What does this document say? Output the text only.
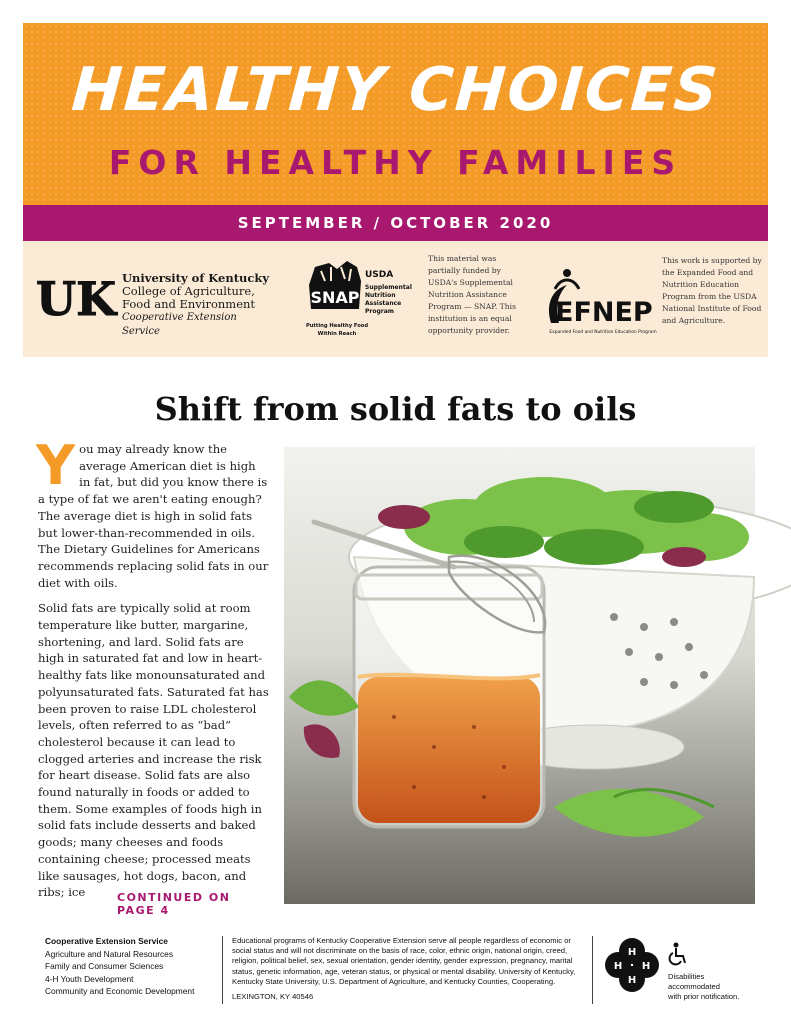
HEALTHY CHOICES
FOR HEALTHY FAMILIES
SEPTEMBER / OCTOBER 2020
UK University of Kentucky
College of Agriculture,
Food and Environment
Cooperative Extension Service
SNAP
USDA
Supplemental
Nutrition
Assistance
Program
Putting Healthy Food
Within Reach
This material was partially funded by USDA's Supplemental Nutrition Assistance Program — SNAP. This institution is an equal opportunity provider.
EFNEP
Expanded Food and Nutrition Education Program
This work is supported by the Expanded Food and Nutrition Education Program from the USDA National Institute of Food and Agriculture.
Shift from solid fats to oils

You may already know the average American diet is high in fat, but did you know there is a type of fat we aren't eating enough? The average diet is high in solid fats but lower-than-recommended in oils. The Dietary Guidelines for Americans recommends replacing solid fats in our diet with oils.

Solid fats are typically solid at room temperature like butter, margarine, shortening, and lard. Solid fats are high in saturated fat and low in heart-healthy fats like monounsaturated and polyunsaturated fats. Saturated fat has been proven to raise LDL cholesterol levels, often referred to as “bad” cholesterol because it can lead to clogged arteries and increase the risk for heart disease. Solid fats are also found naturally in foods or added to them. Some examples of foods high in solid fats include desserts and baked goods; many cheeses and foods containing cheese; processed meats like sausages, hot dogs, bacon, and ribs; ice	CONTINUED ON PAGE 4
Cooperative Extension Service
Agriculture and Natural Resources
Family and Consumer Sciences
4-H Youth Development
Community and Economic Development
Educational programs of Kentucky Cooperative Extension serve all people regardless of economic or social status and will not discriminate on the basis of race, color, ethnic origin, national origin, creed, religion, political belief, sex, sexual orientation, gender identity, gender expression, pregnancy, marital status, genetic information, age, veteran status, or physical or mental disability. University of Kentucky, Kentucky State University, U.S. Department of Agriculture, and Kentucky Counties, Cooperating.
LEXINGTON, KY 40546
H
H
H
H
Disabilities
accommodated
with prior notification.
